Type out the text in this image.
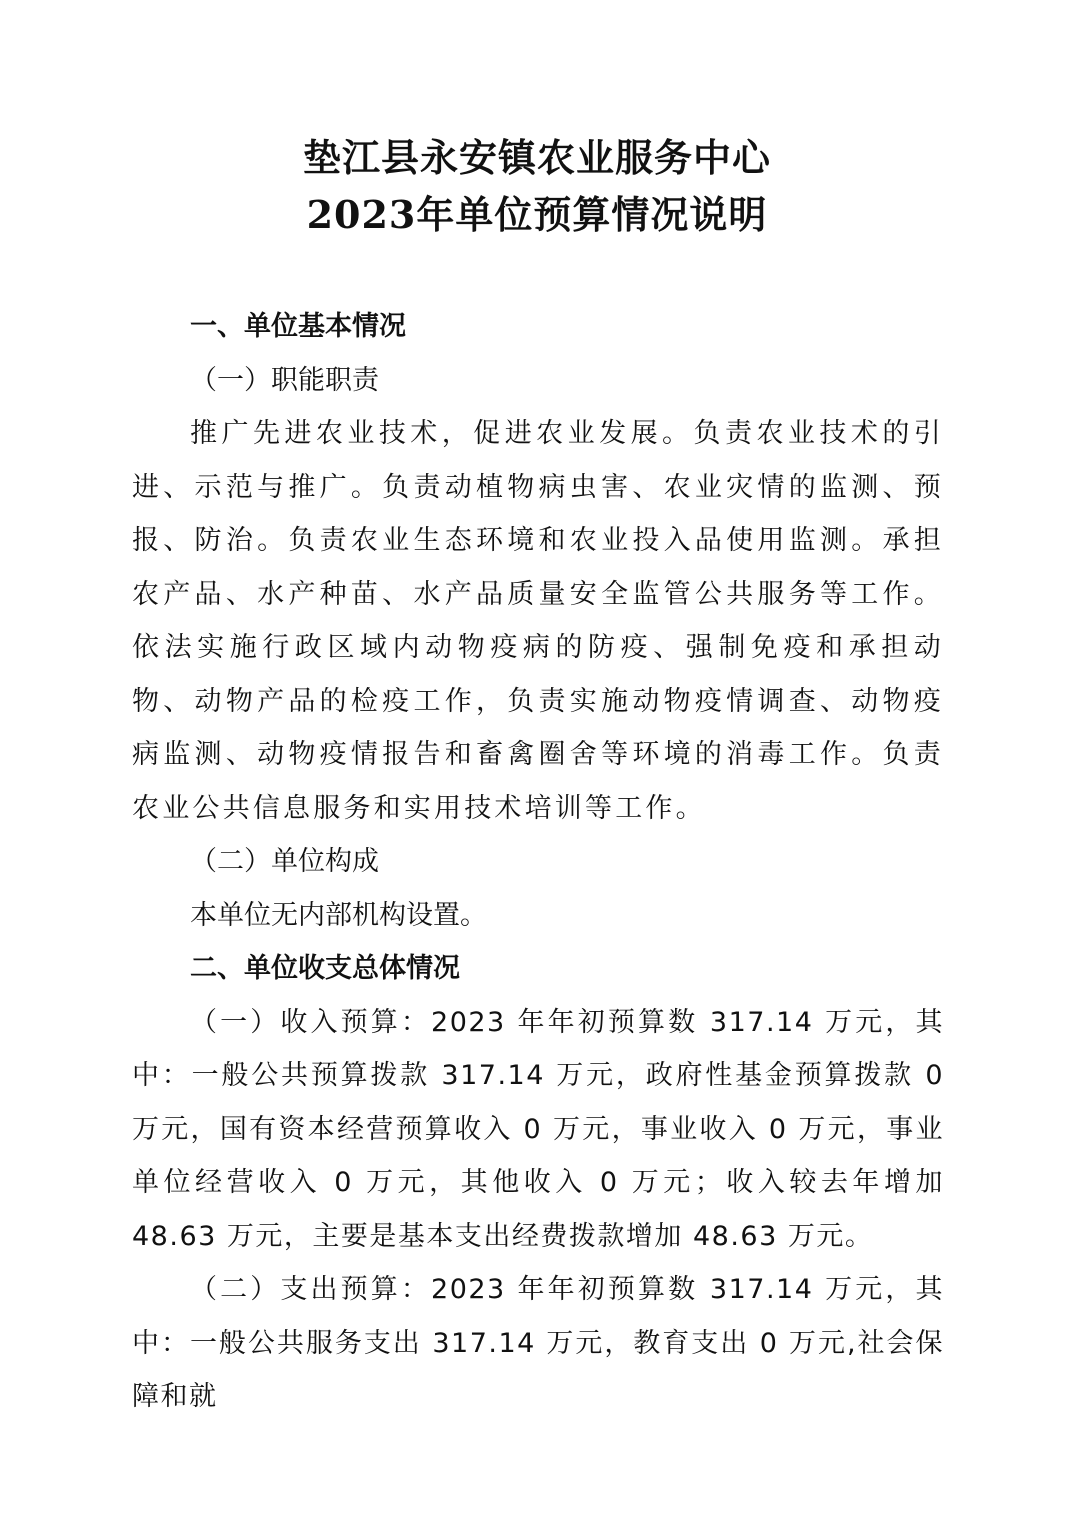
垫江县永安镇农业服务中心
2023年单位预算情况说明

一、单位基本情况

（一）职能职责

推广先进农业技术，促进农业发展。负责农业技术的引进、示范与推广。负责动植物病虫害、农业灾情的监测、预报、防治。负责农业生态环境和农业投入品使用监测。承担农产品、水产种苗、水产品质量安全监管公共服务等工作。依法实施行政区域内动物疫病的防疫、强制免疫和承担动物、动物产品的检疫工作，负责实施动物疫情调查、动物疫病监测、动物疫情报告和畜禽圈舍等环境的消毒工作。负责农业公共信息服务和实用技术培训等工作。

（二）单位构成

本单位无内部机构设置。

二、单位收支总体情况

（一）收入预算：2023 年年初预算数 317.14 万元，其中：一般公共预算拨款 317.14 万元，政府性基金预算拨款 0 万元，国有资本经营预算收入 0 万元，事业收入 0 万元，事业单位经营收入 0 万元，其他收入 0 万元；收入较去年增加 48.63 万元，主要是基本支出经费拨款增加 48.63 万元。

（二）支出预算：2023 年年初预算数 317.14 万元，其中：一般公共服务支出 317.14 万元，教育支出 0 万元,社会保障和就
